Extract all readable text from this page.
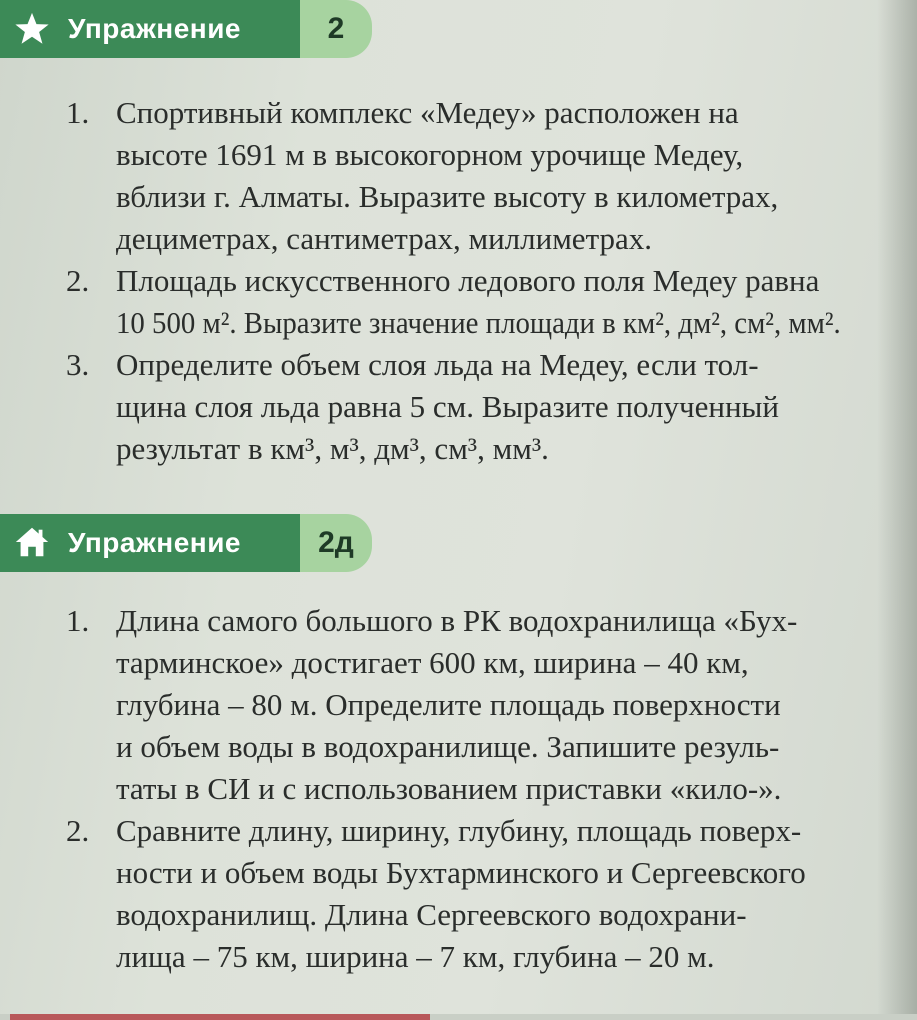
Упражнение	2
1. Спортивный комплекс «Медеу» расположен на
высоте 1691 м в высокогорном урочище Медеу,
вблизи г. Алматы. Выразите высоту в километрах,
дециметрах, сантиметрах, миллиметрах.
2. Площадь искусственного ледового поля Медеу равна
10 500 м². Выразите значение площади в км², дм², см², мм².
3. Определите объем слоя льда на Медеу, если тол-
щина слоя льда равна 5 см. Выразите полученный
результат в км³, м³, дм³, см³, мм³.
Упражнение	2д
1. Длина самого большого в РК водохранилища «Бух-
тарминское» достигает 600 км, ширина – 40 км,
глубина – 80 м. Определите площадь поверхности
и объем воды в водохранилище. Запишите резуль-
таты в СИ и с использованием приставки «кило-».
2. Сравните длину, ширину, глубину, площадь поверх-
ности и объем воды Бухтарминского и Сергеевского
водохранилищ. Длина Сергеевского водохрани-
лища – 75 км, ширина – 7 км, глубина – 20 м.
